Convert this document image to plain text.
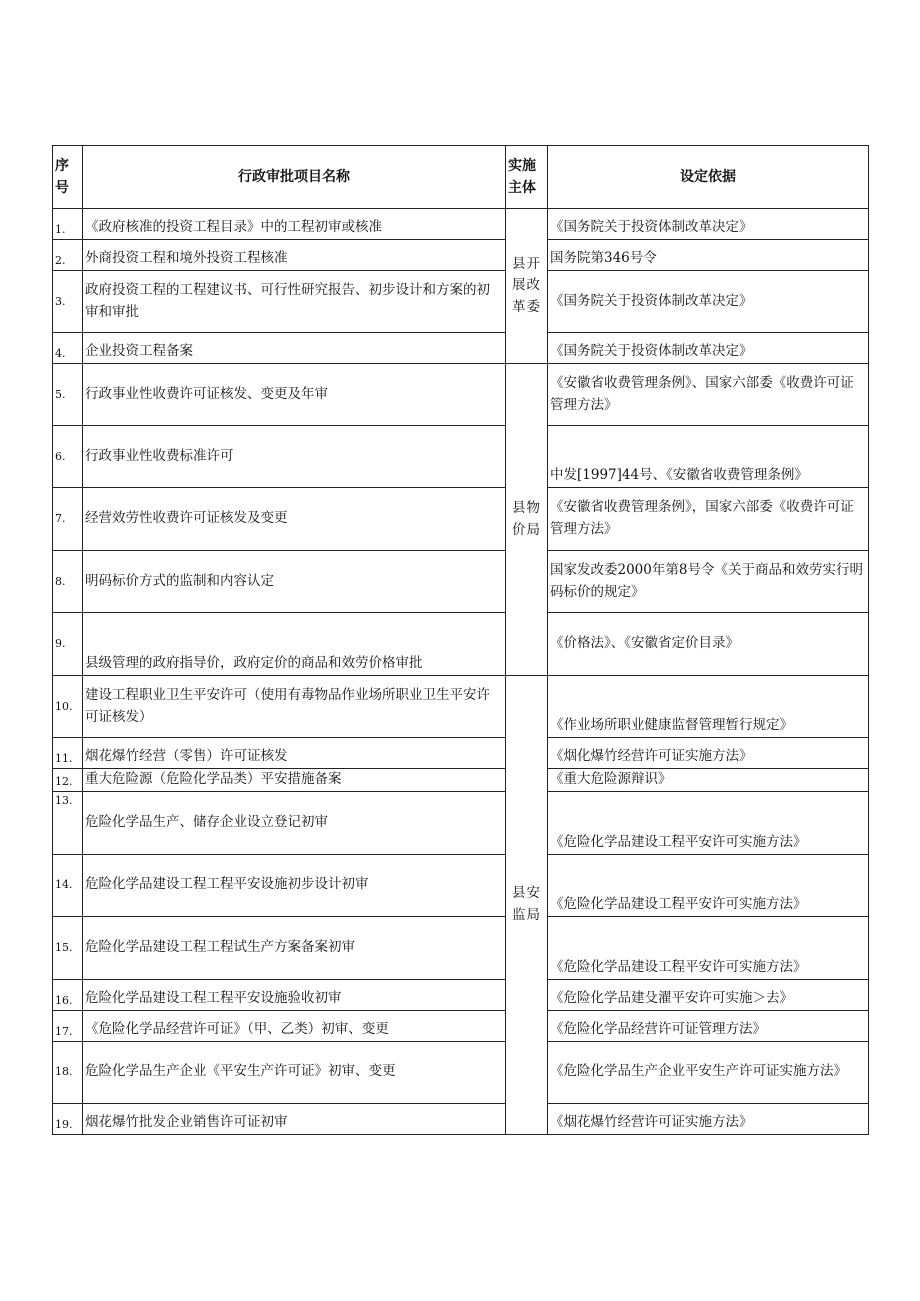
序号	行政审批项目名称	实施主体	设定依据
1.	《政府核准的投资工程目录》中的工程初审或核准	县开展改革委	《国务院关于投资体制改革决定》
2.	外商投资工程和境外投资工程核准		国务院第346号令
3.	政府投资工程的工程建议书、可行性研究报告、初步设计和方案的初审和审批		《国务院关于投资体制改革决定》
4.	企业投资工程备案		《国务院关于投资体制改革决定》
5.	行政事业性收费许可证核发、变更及年审	县物价局	《安徽省收费管理条例》、国家六部委《收费许可证管理方法》
6.	行政事业性收费标准许可		中发[1997]44号、《安徽省收费管理条例》
7.	经营效劳性收费许可证核发及变更		《安徽省收费管理条例》，国家六部委《收费许可证管理方法》
8.	明码标价方式的监制和内容认定		国家发改委2000年第8号令《关于商品和效劳实行明码标价的规定》
9.	县级管理的政府指导价，政府定价的商品和效劳价格审批		《价格法》、《安徽省定价目录》
10.	建设工程职业卫生平安许可（使用有毒物品作业场所职业卫生平安许可证核发）	县安监局	《作业场所职业健康监督管理暂行规定》
11.	烟花爆竹经营（零售）许可证核发		《烟化爆竹经营许可证实施方法》
12.	重大危险源（危险化学品类）平安措施备案		《重大危险源辩识》
13.	危险化学品生产、储存企业设立登记初审		《危险化学品建设工程平安许可实施方法》
14.	危险化学品建设工程工程平安设施初步设计初审		《危险化学品建设工程平安许可实施方法》
15.	危险化学品建设工程工程试生产方案备案初审		《危险化学品建设工程平安许可实施方法》
16.	危险化学品建设工程工程平安设施验收初审		《危险化学品建殳濯平安许可实施＞去》
17.	《危险化学品经营许可证》（甲、乙类）初审、变更		《危险化学品经营许可证管理方法》
18.	危险化学品生产企业《平安生产许可证》初审、变更		《危险化学品生产企业平安生产许可证实施方法》
19.	烟花爆竹批发企业销售许可证初审		《烟花爆竹经营许可证实施方法》
